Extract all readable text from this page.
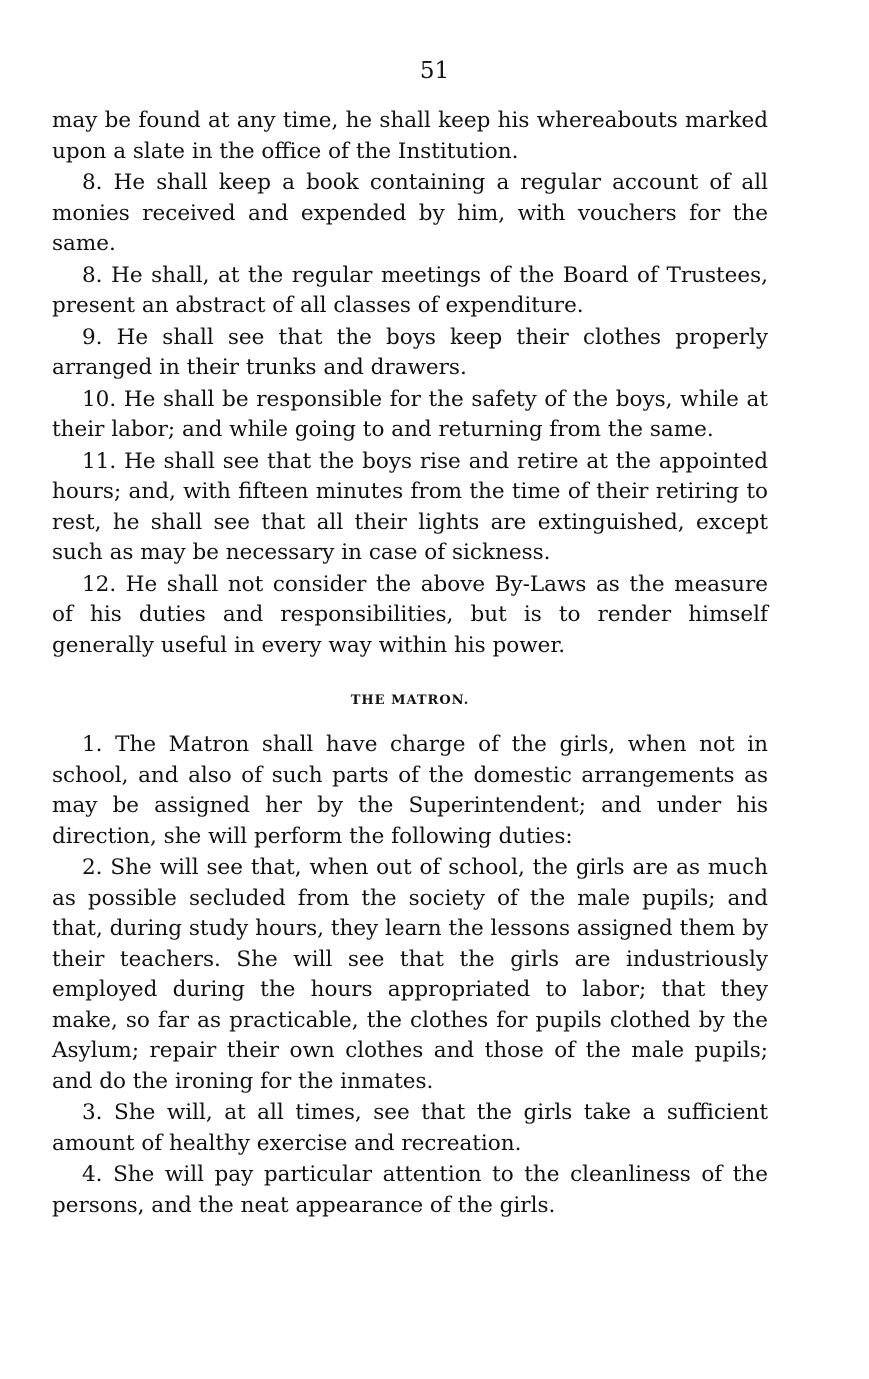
51

may be found at any time, he shall keep his whereabouts marked upon a slate in the office of the Institution.

8. He shall keep a book containing a regular account of all monies received and expended by him, with vouchers for the same.

8. He shall, at the regular meetings of the Board of Trustees, present an abstract of all classes of expenditure.

9. He shall see that the boys keep their clothes properly arranged in their trunks and drawers.

10. He shall be responsible for the safety of the boys, while at their labor; and while going to and returning from the same.

11. He shall see that the boys rise and retire at the appointed hours; and, with fifteen minutes from the time of their retiring to rest, he shall see that all their lights are extinguished, except such as may be necessary in case of sickness.

12. He shall not consider the above By-Laws as the measure of his duties and responsibilities, but is to render himself generally useful in every way within his power.

THE MATRON.

1. The Matron shall have charge of the girls, when not in school, and also of such parts of the domestic arrangements as may be assigned her by the Superintendent; and under his direction, she will perform the following duties:

2. She will see that, when out of school, the girls are as much as possible secluded from the society of the male pupils; and that, during study hours, they learn the lessons assigned them by their teachers. She will see that the girls are industriously employed during the hours appropriated to labor; that they make, so far as practicable, the clothes for pupils clothed by the Asylum; repair their own clothes and those of the male pupils; and do the ironing for the inmates.

3. She will, at all times, see that the girls take a sufficient amount of healthy exercise and recreation.

4. She will pay particular attention to the cleanliness of the persons, and the neat appearance of the girls.
